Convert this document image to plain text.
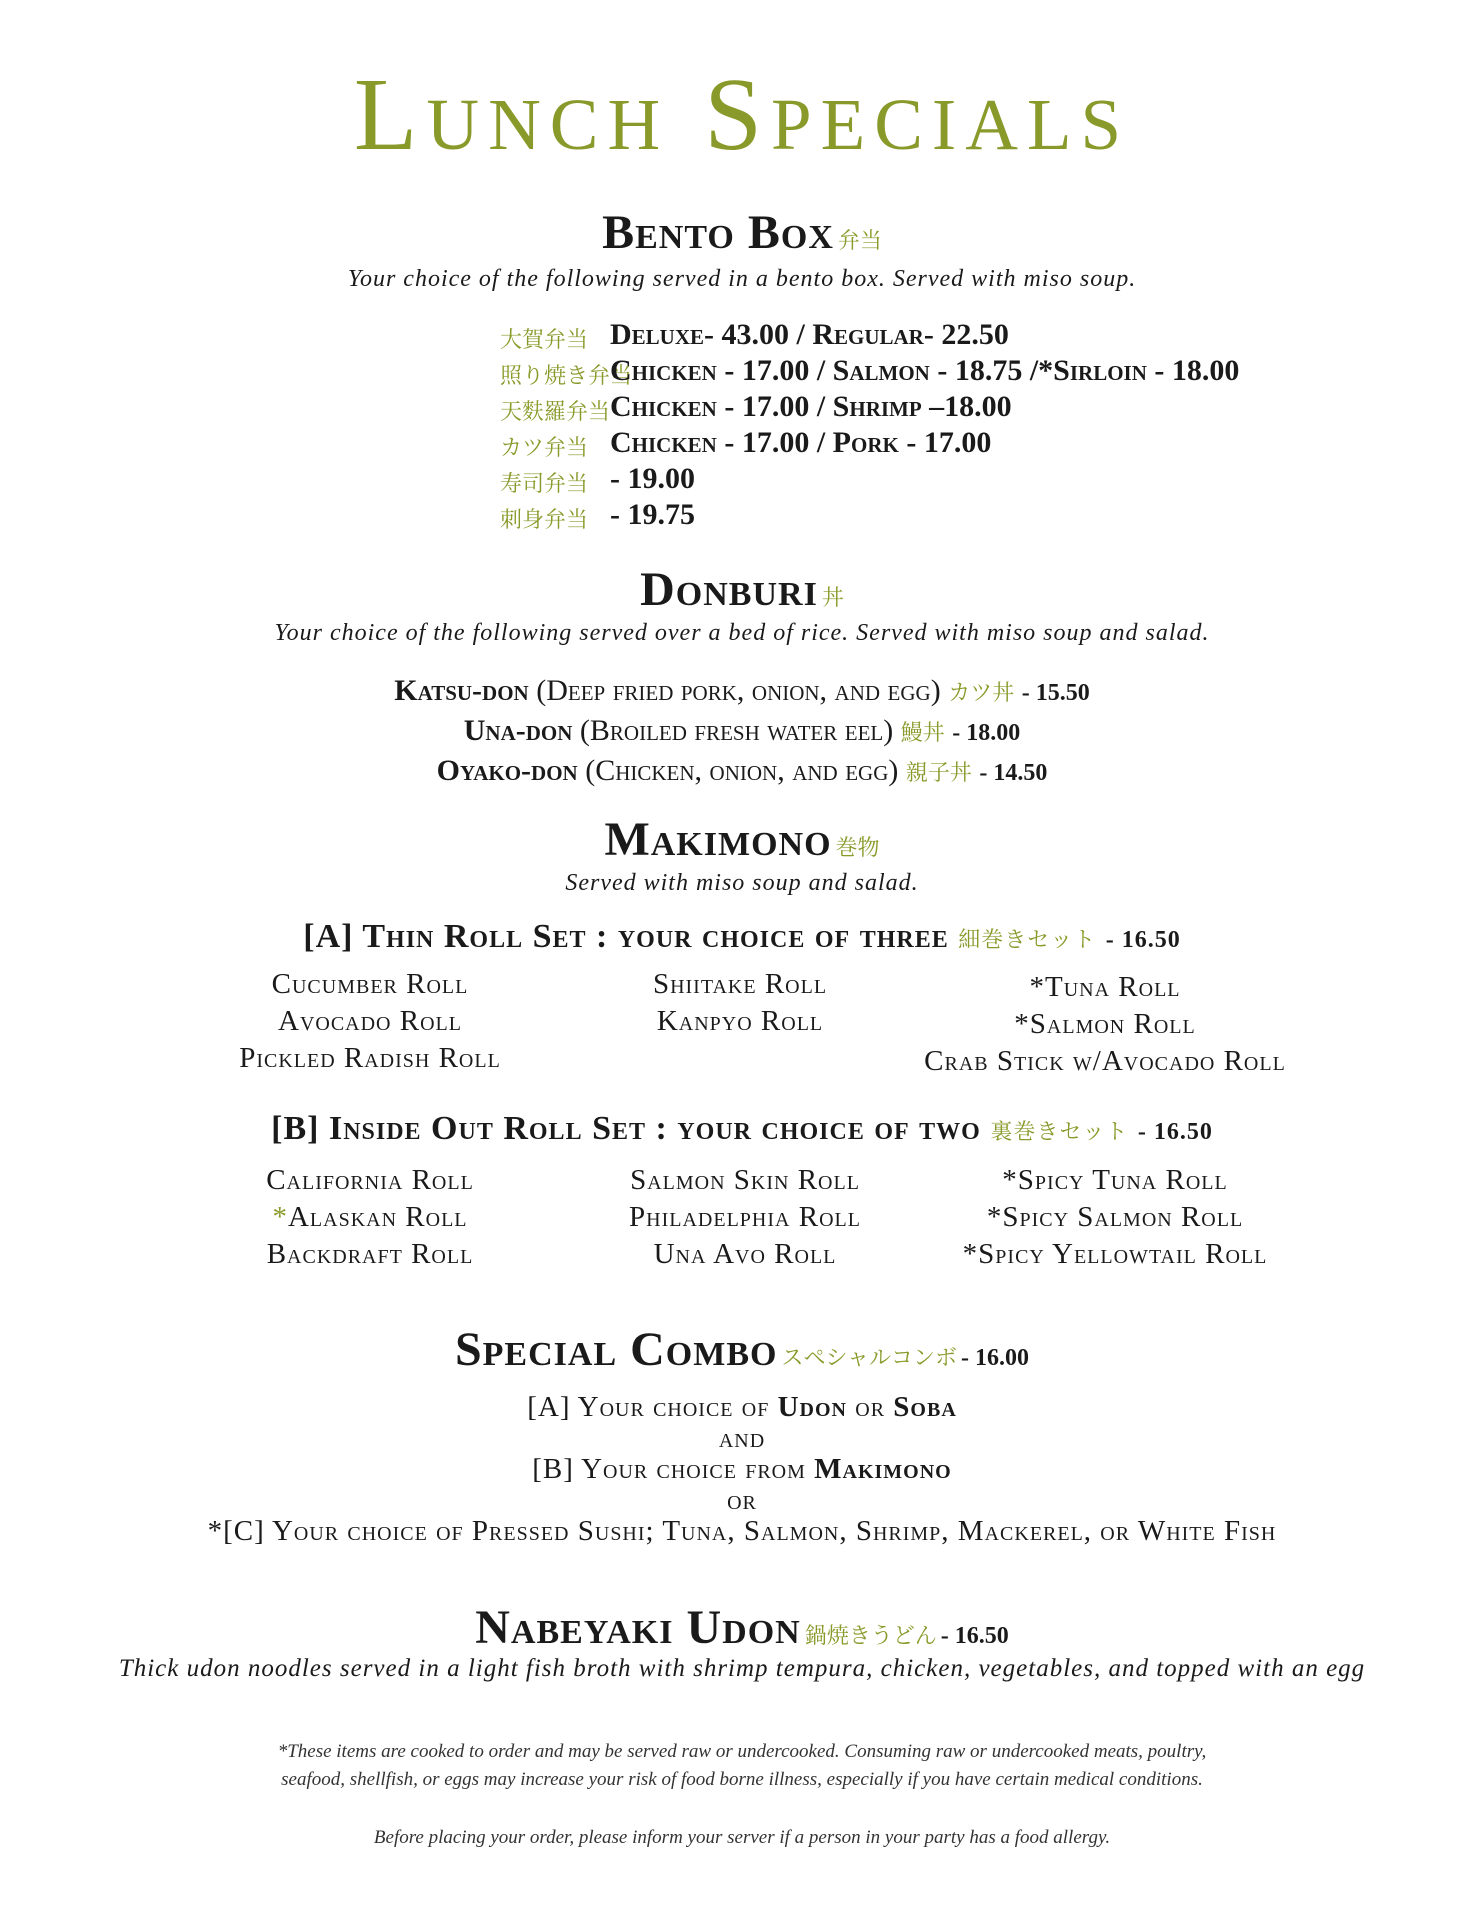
Lunch Specials
Bento Box 弁当
Your choice of the following served in a bento box. Served with miso soup.
大賀弁当 Deluxe- 43.00 / Regular- 22.50
照り焼き弁当
Chicken - 17.00 / Salmon - 18.75 /*Sirloin - 18.00
天麩羅弁当 Chicken - 17.00 / Shrimp –18.00
カツ弁当 Chicken - 17.00 / Pork - 17.00
寿司弁当 - 19.00
刺身弁当 - 19.75
Donburi 丼
Your choice of the following served over a bed of rice. Served with miso soup and salad.
Katsu-don (Deep fried pork, onion, and egg) カツ丼 - 15.50
Una-don (Broiled fresh water eel) 鰻丼 - 18.00
Oyako-don (Chicken, onion, and egg) 親子丼 - 14.50
Makimono 巻物
Served with miso soup and salad.
[A] Thin Roll Set : your choice of three 細巻きセット - 16.50
Cucumber Roll
Avocado Roll
Pickled Radish Roll
Shiitake Roll
Kanpyo Roll
*Tuna Roll
*Salmon Roll
Crab Stick w/Avocado Roll
[B] Inside Out Roll Set : your choice of two 裏巻きセット - 16.50
California Roll
*Alaskan Roll
Backdraft Roll
Salmon Skin Roll
Philadelphia Roll
Una Avo Roll
*Spicy Tuna Roll
*Spicy Salmon Roll
*Spicy Yellowtail Roll
Special Combo スペシャルコンボ - 16.00
[A] Your choice of Udon or Soba
and
[B] Your choice from Makimono
or
*[C] Your choice of Pressed Sushi; Tuna, Salmon, Shrimp, Mackerel, or White Fish
Nabeyaki Udon 鍋焼きうどん - 16.50
Thick udon noodles served in a light fish broth with shrimp tempura, chicken, vegetables, and topped with an egg
*These items are cooked to order and may be served raw or undercooked. Consuming raw or undercooked meats, poultry,
seafood, shellfish, or eggs may increase your risk of food borne illness, especially if you have certain medical conditions.
Before placing your order, please inform your server if a person in your party has a food allergy.
